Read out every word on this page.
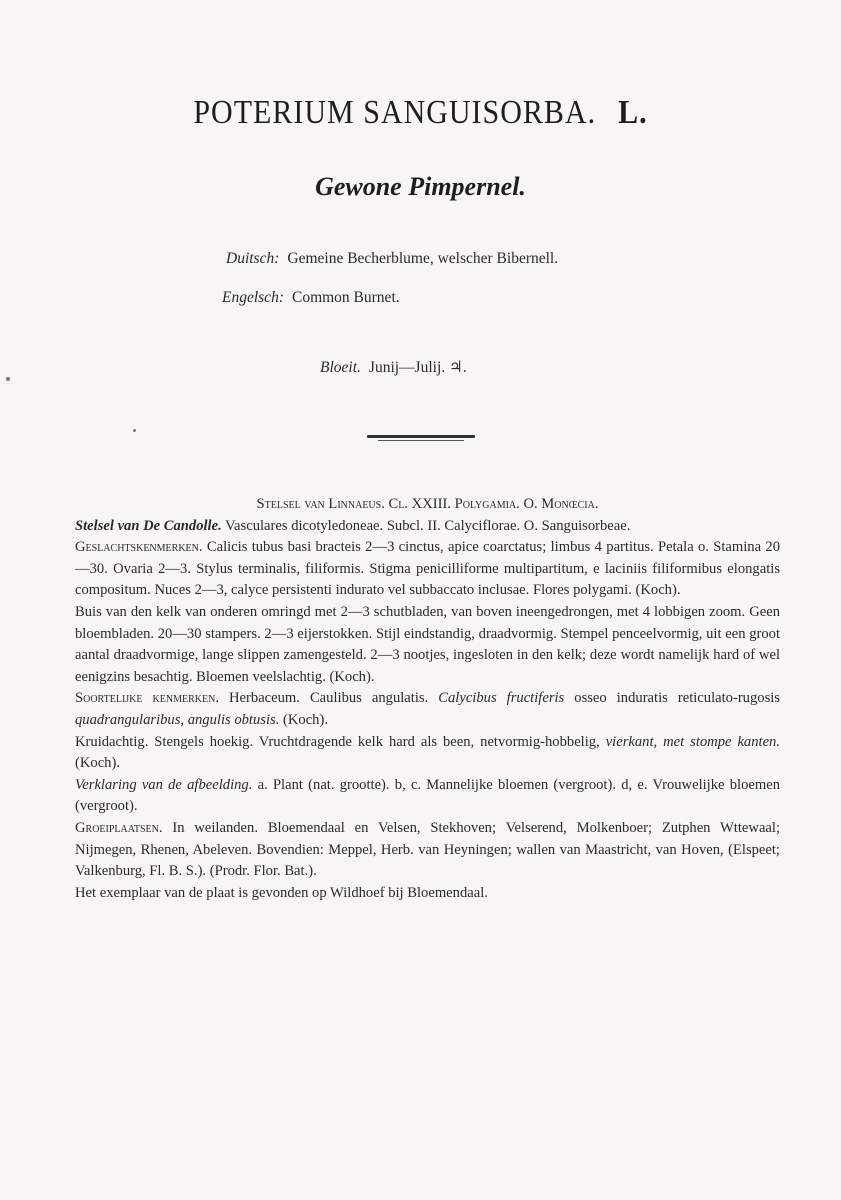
POTERIUM SANGUISORBA. L.
Gewone Pimpernel.
Duitsch: Gemeine Becherblume, welscher Bibernell.
Engelsch: Common Burnet.
Bloeit. Junij—Julij. ♃.

Stelsel van Linnaeus. Cl. XXIII. Polygamia. O. Monœcia.

Stelsel van De Candolle. Vasculares dicotyledoneae. Subcl. II. Calyciflorae. O. Sanguisorbeae.

Geslachtskenmerken. Calicis tubus basi bracteis 2—3 cinctus, apice coarctatus; limbus 4 partitus. Petala o. Stamina 20—30. Ovaria 2—3. Stylus terminalis, filiformis. Stigma penicilliforme multipartitum, e laciniis filiformibus elongatis compositum. Nuces 2—3, calyce persistenti indurato vel subbaccato inclusae. Flores polygami. (Koch).

Buis van den kelk van onderen omringd met 2—3 schutbladen, van boven ineengedrongen, met 4 lobbigen zoom. Geen bloembladen. 20—30 stampers. 2—3 eijerstokken. Stijl eindstandig, draadvormig. Stempel penceelvormig, uit een groot aantal draadvormige, lange slippen zamengesteld. 2—3 nootjes, ingesloten in den kelk; deze wordt namelijk hard of wel eenigzins besachtig. Bloemen veelslachtig. (Koch).

Soortelijke kenmerken. Herbaceum. Caulibus angulatis. Calycibus fructiferis osseo induratis reticulato-rugosis quadrangularibus, angulis obtusis. (Koch).

Kruidachtig. Stengels hoekig. Vruchtdragende kelk hard als been, netvormig-hobbelig, vierkant, met stompe kanten. (Koch).

Verklaring van de afbeelding. a. Plant (nat. grootte). b, c. Mannelijke bloemen (vergroot). d, e. Vrouwelijke bloemen (vergroot).

Groeiplaatsen. In weilanden. Bloemendaal en Velsen, Stekhoven; Velserend, Molkenboer; Zutphen Wttewaal; Nijmegen, Rhenen, Abeleven. Bovendien: Meppel, Herb. van Heyningen; wallen van Maastricht, van Hoven, (Elspeet; Valkenburg, Fl. B. S.). (Prodr. Flor. Bat.).

Het exemplaar van de plaat is gevonden op Wildhoef bij Bloemendaal.
